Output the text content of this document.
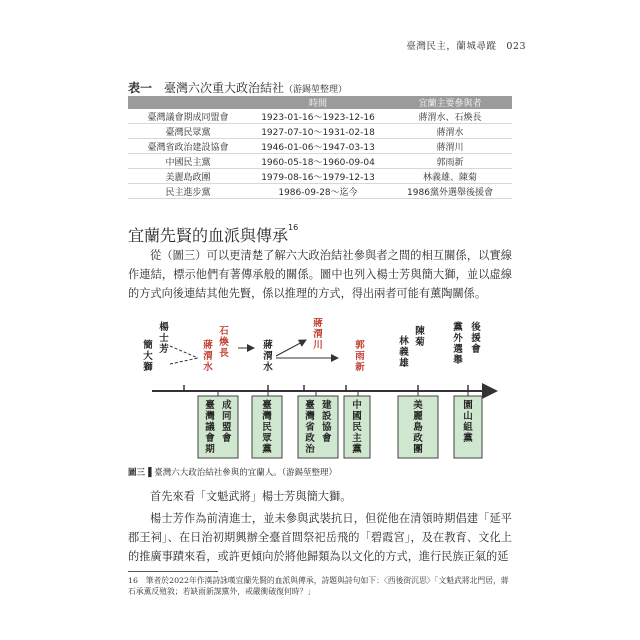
臺灣民主，蘭城尋蹤　023
表一 臺灣六次重大政治結社（游錫堃整理）
	時間	宜蘭主要參與者
臺灣議會期成同盟會	1923-01-16～1923-12-16	蔣渭水、石煥長
臺灣民眾黨	1927-07-10～1931-02-18	蔣渭水
臺灣省政治建設協會	1946-01-06～1947-03-13	蔣渭川
中國民主黨	1960-05-18～1960-09-04	郭雨新
美麗島政團	1979-08-16～1979-12-13	林義雄、陳菊
民主進步黨	1986-09-28～迄今	1986黨外選舉後援會
宜蘭先賢的血派與傳承$^{16}$

從（圖三）可以更清楚了解六大政治結社參與者之間的相互關係，以實線作連結，標示他們有著傳承般的關係。圖中也列入楊士芳與簡大獅，並以虛線的方式向後連結其他先賢，係以推理的方式，得出兩者可能有薰陶關係。

楊士芳
簡大獅
蔣渭水
石煥長
蔣渭水
蔣渭川	郭雨新
林義雄
陳菊
黨外選舉
後援會
成同盟會
臺灣議會期
臺灣民眾黨
建設協會
臺灣省政治
中國民主黨
美麗島政團
園山組黨
圖三▐ 臺灣六大政治結社參與的宜蘭人。（游錫堃整理）

首先來看「文魁武將」楊士芳與簡大獅。

楊士芳作為前清進士，並未參與武裝抗日，但從他在清領時期倡建「延平郡王祠」、在日治初期興辦全臺首間祭祀岳飛的「碧霞宮」，及在教育、文化上的推廣事蹟來看，或許更傾向於將他歸類為以文化的方式，進行民族正氣的延

16　筆者於2022年作漢詩詠嘆宜蘭先賢的血派與傳承，詩題與詩句如下：〈西後街沉思〉「文魁武將北門居，蔣石承薰反殖敘；若缺雨新謀黨外，戒嚴衝破復何時？」
